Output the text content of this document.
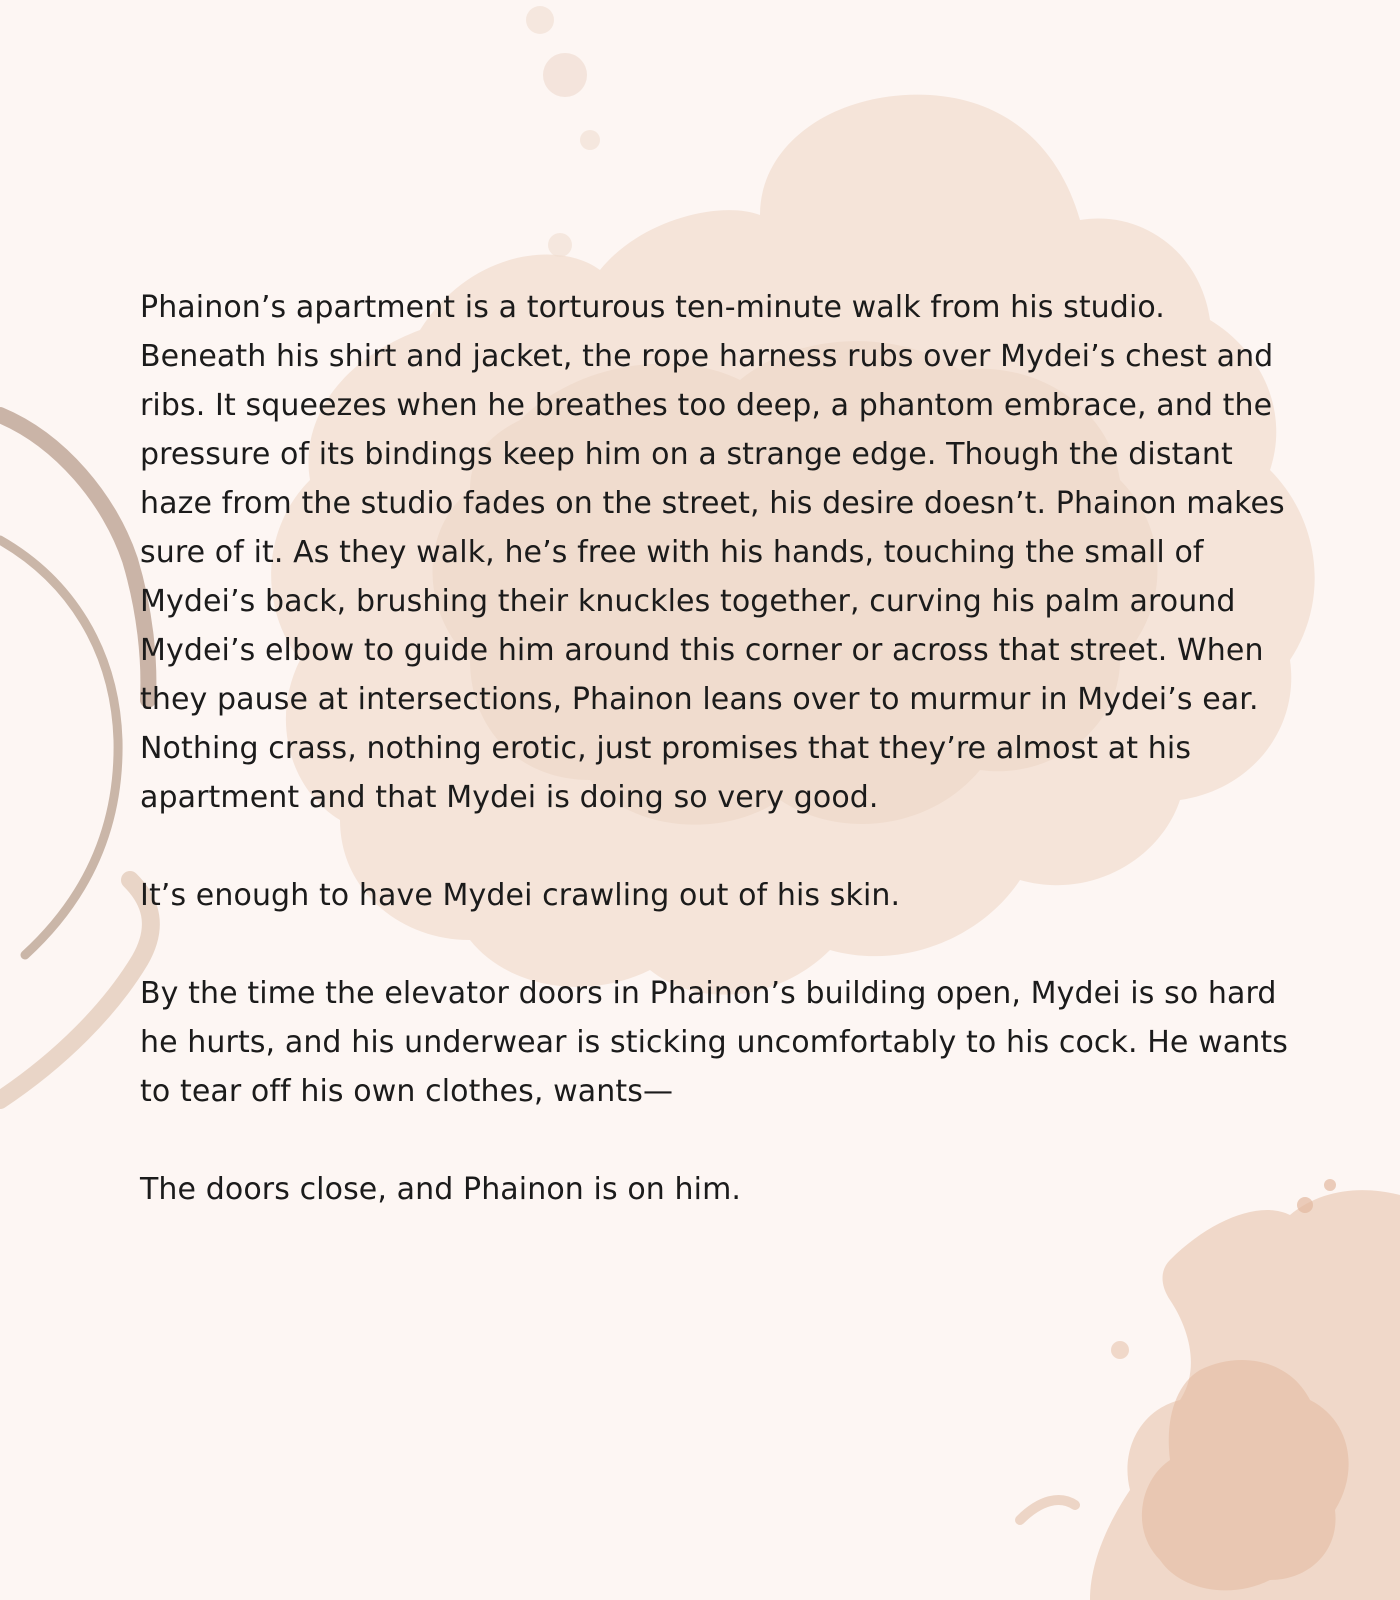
Phainon’s apartment is a torturous ten-minute walk from his studio. Beneath his shirt and jacket, the rope harness rubs over Mydei’s chest and ribs. It squeezes when he breathes too deep, a phantom embrace, and the pressure of its bindings keep him on a strange edge. Though the distant haze from the studio fades on the street, his desire doesn’t. Phainon makes sure of it. As they walk, he’s free with his hands, touching the small of Mydei’s back, brushing their knuckles together, curving his palm around Mydei’s elbow to guide him around this corner or across that street. When they pause at intersections, Phainon leans over to murmur in Mydei’s ear. Nothing crass, nothing erotic, just promises that they’re almost at his apartment and that Mydei is doing so very good.

It’s enough to have Mydei crawling out of his skin.

By the time the elevator doors in Phainon’s building open, Mydei is so hard he hurts, and his underwear is sticking uncomfortably to his cock. He wants to tear off his own clothes, wants—

The doors close, and Phainon is on him.
